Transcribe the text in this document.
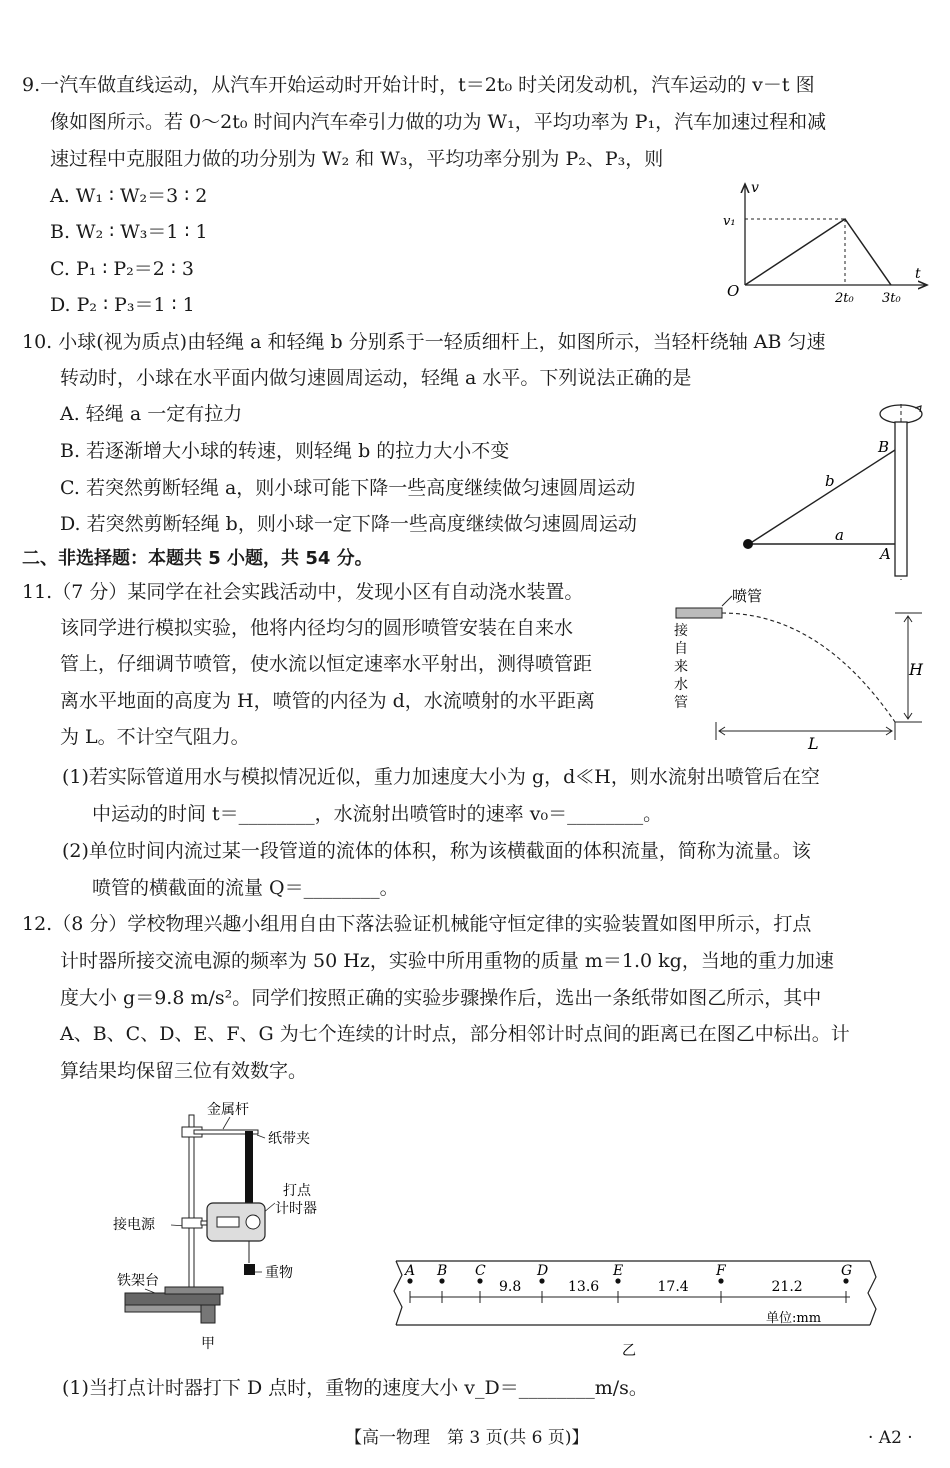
9.一汽车做直线运动，从汽车开始运动时开始计时，t＝2t₀ 时关闭发动机，汽车运动的 v－t 图
像如图所示。若 0～2t₀ 时间内汽车牵引力做的功为 W₁，平均功率为 P₁，汽车加速过程和减
速过程中克服阻力做的功分别为 W₂ 和 W₃，平均功率分别为 P₂、P₃，则
A. W₁ ∶ W₂＝3 ∶ 2
B. W₂ ∶ W₃＝1 ∶ 1
C. P₁ ∶ P₂＝2 ∶ 3
D. P₂ ∶ P₃＝1 ∶ 1
v
t
O
v₁
2t₀ 3t₀
10. 小球(视为质点)由轻绳 a 和轻绳 b 分别系于一轻质细杆上，如图所示，当轻杆绕轴 AB 匀速
转动时，小球在水平面内做匀速圆周运动，轻绳 a 水平。下列说法正确的是
A. 轻绳 a 一定有拉力
B. 若逐渐增大小球的转速，则轻绳 b 的拉力大小不变
C. 若突然剪断轻绳 a，则小球可能下降一些高度继续做匀速圆周运动
D. 若突然剪断轻绳 b，则小球一定下降一些高度继续做匀速圆周运动
B
A
b
a
二、非选择题：本题共 5 小题，共 54 分。
11.（7 分）某同学在社会实践活动中，发现小区有自动浇水装置。
该同学进行模拟实验，他将内径均匀的圆形喷管安装在自来水
管上，仔细调节喷管，使水流以恒定速率水平射出，测得喷管距
离水平地面的高度为 H，喷管的内径为 d，水流喷射的水平距离
为 L。不计空气阻力。
喷管
接
自
来
水
管
H
L
(1)若实际管道用水与模拟情况近似，重力加速度大小为 g，d≪H，则水流射出喷管后在空
中运动的时间 t＝________，水流射出喷管时的速率 v₀＝________。
(2)单位时间内流过某一段管道的流体的体积，称为该横截面的体积流量，简称为流量。该
喷管的横截面的流量 Q＝________。
12.（8 分）学校物理兴趣小组用自由下落法验证机械能守恒定律的实验装置如图甲所示，打点
计时器所接交流电源的频率为 50 Hz，实验中所用重物的质量 m＝1.0 kg，当地的重力加速
度大小 g＝9.8 m/s²。同学们按照正确的实验步骤操作后，选出一条纸带如图乙所示，其中
A、B、C、D、E、F、G 为七个连续的计时点，部分相邻计时点间的距离已在图乙中标出。计
算结果均保留三位有效数字。
金属杆
纸带夹
打点
计时器
接电源
重物
铁架台
甲
A B C	D	E	F	G
9.8	13.6	17.4	21.2
单位:mm
乙
(1)当打点计时器打下 D 点时，重物的速度大小 v_D＝________m/s。
【高一物理　第 3 页(共 6 页)】	· A2 ·
